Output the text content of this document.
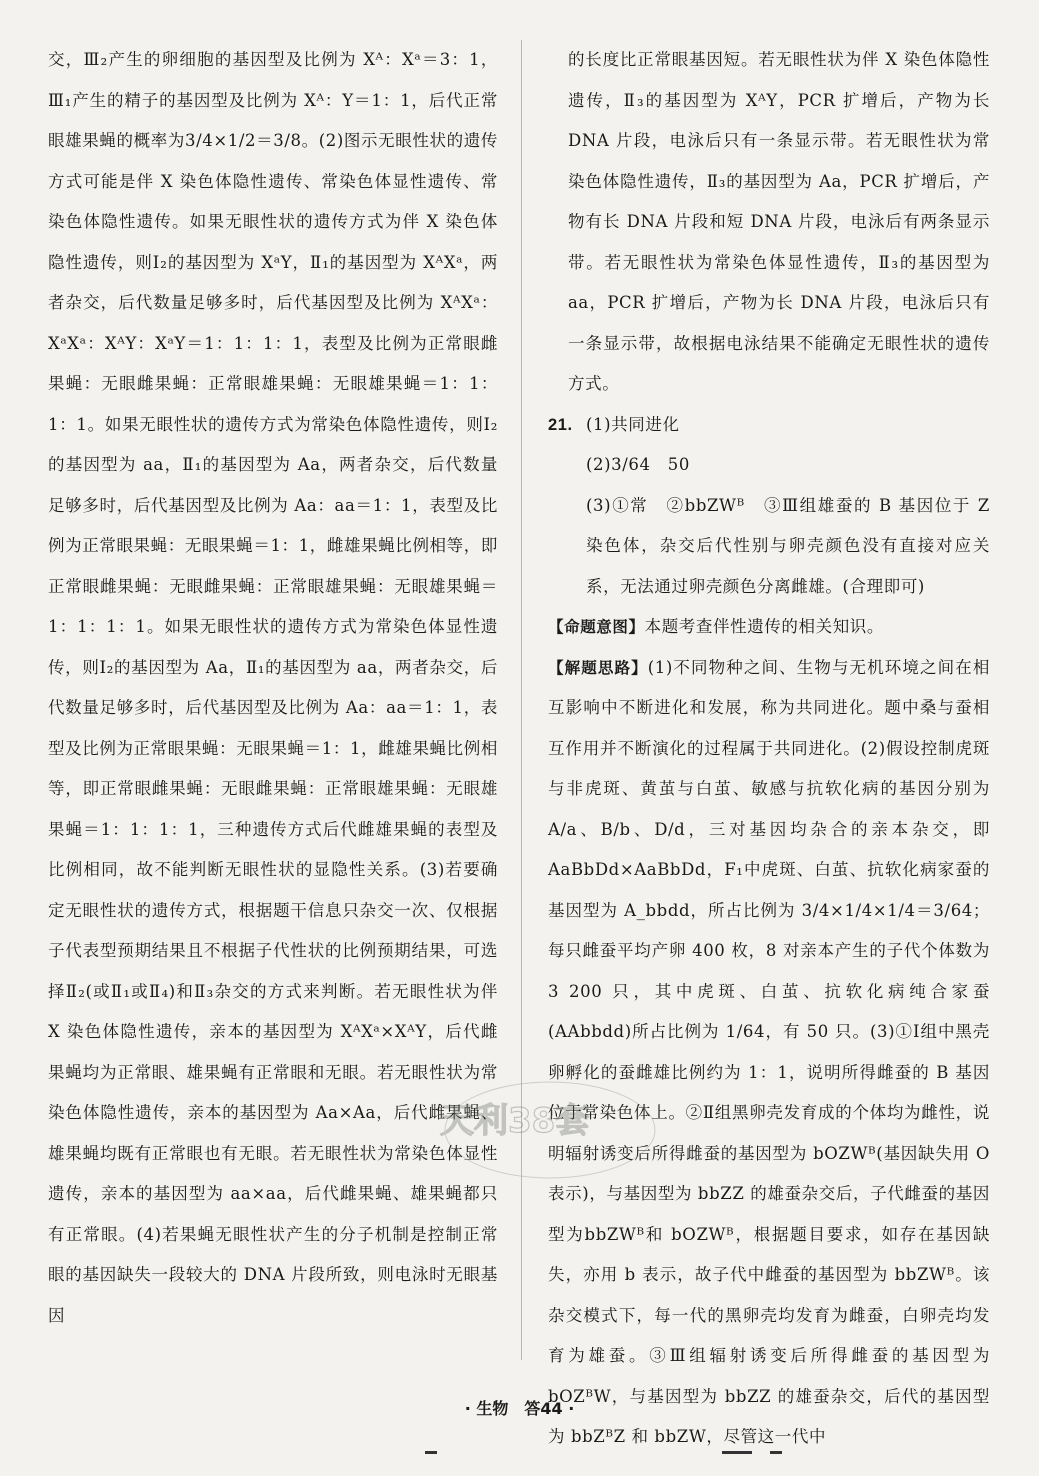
交，Ⅲ₂产生的卵细胞的基因型及比例为 Xᴬ：Xᵃ＝3：1，Ⅲ₁产生的精子的基因型及比例为 Xᴬ：Y＝1：1，后代正常眼雄果蝇的概率为3/4×1/2＝3/8。(2)图示无眼性状的遗传方式可能是伴 X 染色体隐性遗传、常染色体显性遗传、常染色体隐性遗传。如果无眼性状的遗传方式为伴 X 染色体隐性遗传，则Ⅰ₂的基因型为 XᵃY，Ⅱ₁的基因型为 XᴬXᵃ，两者杂交，后代数量足够多时，后代基因型及比例为 XᴬXᵃ：XᵃXᵃ：XᴬY：XᵃY＝1：1：1：1，表型及比例为正常眼雌果蝇：无眼雌果蝇：正常眼雄果蝇：无眼雄果蝇＝1：1：1：1。如果无眼性状的遗传方式为常染色体隐性遗传，则Ⅰ₂的基因型为 aa，Ⅱ₁的基因型为 Aa，两者杂交，后代数量足够多时，后代基因型及比例为 Aa：aa＝1：1，表型及比例为正常眼果蝇：无眼果蝇＝1：1，雌雄果蝇比例相等，即正常眼雌果蝇：无眼雌果蝇：正常眼雄果蝇：无眼雄果蝇＝1：1：1：1。如果无眼性状的遗传方式为常染色体显性遗传，则Ⅰ₂的基因型为 Aa，Ⅱ₁的基因型为 aa，两者杂交，后代数量足够多时，后代基因型及比例为 Aa：aa＝1：1，表型及比例为正常眼果蝇：无眼果蝇＝1：1，雌雄果蝇比例相等，即正常眼雌果蝇：无眼雌果蝇：正常眼雄果蝇：无眼雄果蝇＝1：1：1：1，三种遗传方式后代雌雄果蝇的表型及比例相同，故不能判断无眼性状的显隐性关系。(3)若要确定无眼性状的遗传方式，根据题干信息只杂交一次、仅根据子代表型预期结果且不根据子代性状的比例预期结果，可选择Ⅱ₂(或Ⅱ₁或Ⅱ₄)和Ⅱ₃杂交的方式来判断。若无眼性状为伴 X 染色体隐性遗传，亲本的基因型为 XᴬXᵃ×XᴬY，后代雌果蝇均为正常眼、雄果蝇有正常眼和无眼。若无眼性状为常染色体隐性遗传，亲本的基因型为 Aa×Aa，后代雌果蝇、雄果蝇均既有正常眼也有无眼。若无眼性状为常染色体显性遗传，亲本的基因型为 aa×aa，后代雌果蝇、雄果蝇都只有正常眼。(4)若果蝇无眼性状产生的分子机制是控制正常眼的基因缺失一段较大的 DNA 片段所致，则电泳时无眼基因
的长度比正常眼基因短。若无眼性状为伴 X 染色体隐性遗传，Ⅱ₃的基因型为 XᴬY，PCR 扩增后，产物为长 DNA 片段，电泳后只有一条显示带。若无眼性状为常染色体隐性遗传，Ⅱ₃的基因型为 Aa，PCR 扩增后，产物有长 DNA 片段和短 DNA 片段，电泳后有两条显示带。若无眼性状为常染色体显性遗传，Ⅱ₃的基因型为 aa，PCR 扩增后，产物为长 DNA 片段，电泳后只有一条显示带，故根据电泳结果不能确定无眼性状的遗传方式。
21. (1)共同进化
(2)3/64　50
(3)①常　②bbZWᴮ　③Ⅲ组雄蚕的 B 基因位于 Z 染色体，杂交后代性别与卵壳颜色没有直接对应关系，无法通过卵壳颜色分离雌雄。(合理即可)
【命题意图】本题考查伴性遗传的相关知识。
【解题思路】(1)不同物种之间、生物与无机环境之间在相互影响中不断进化和发展，称为共同进化。题中桑与蚕相互作用并不断演化的过程属于共同进化。(2)假设控制虎斑与非虎斑、黄茧与白茧、敏感与抗软化病的基因分别为 A/a、B/b、D/d，三对基因均杂合的亲本杂交，即AaBbDd×AaBbDd，F₁中虎斑、白茧、抗软化病家蚕的基因型为 A_bbdd，所占比例为 3/4×1/4×1/4＝3/64；每只雌蚕平均产卵 400 枚，8 对亲本产生的子代个体数为 3 200 只，其中虎斑、白茧、抗软化病纯合家蚕(AAbbdd)所占比例为 1/64，有 50 只。(3)①Ⅰ组中黑壳卵孵化的蚕雌雄比例约为 1：1，说明所得雌蚕的 B 基因位于常染色体上。②Ⅱ组黑卵壳发育成的个体均为雌性，说明辐射诱变后所得雌蚕的基因型为 bOZWᴮ(基因缺失用 O 表示)，与基因型为 bbZZ 的雄蚕杂交后，子代雌蚕的基因型为bbZWᴮ和 bOZWᴮ，根据题目要求，如存在基因缺失，亦用 b 表示，故子代中雌蚕的基因型为 bbZWᴮ。该杂交模式下，每一代的黑卵壳均发育为雌蚕，白卵壳均发育为雄蚕。③Ⅲ组辐射诱变后所得雌蚕的基因型为 bOZᴮW，与基因型为 bbZZ 的雄蚕杂交，后代的基因型为 bbZᴮZ 和 bbZW，尽管这一代中
天利38套
· 生物　答44 ·
